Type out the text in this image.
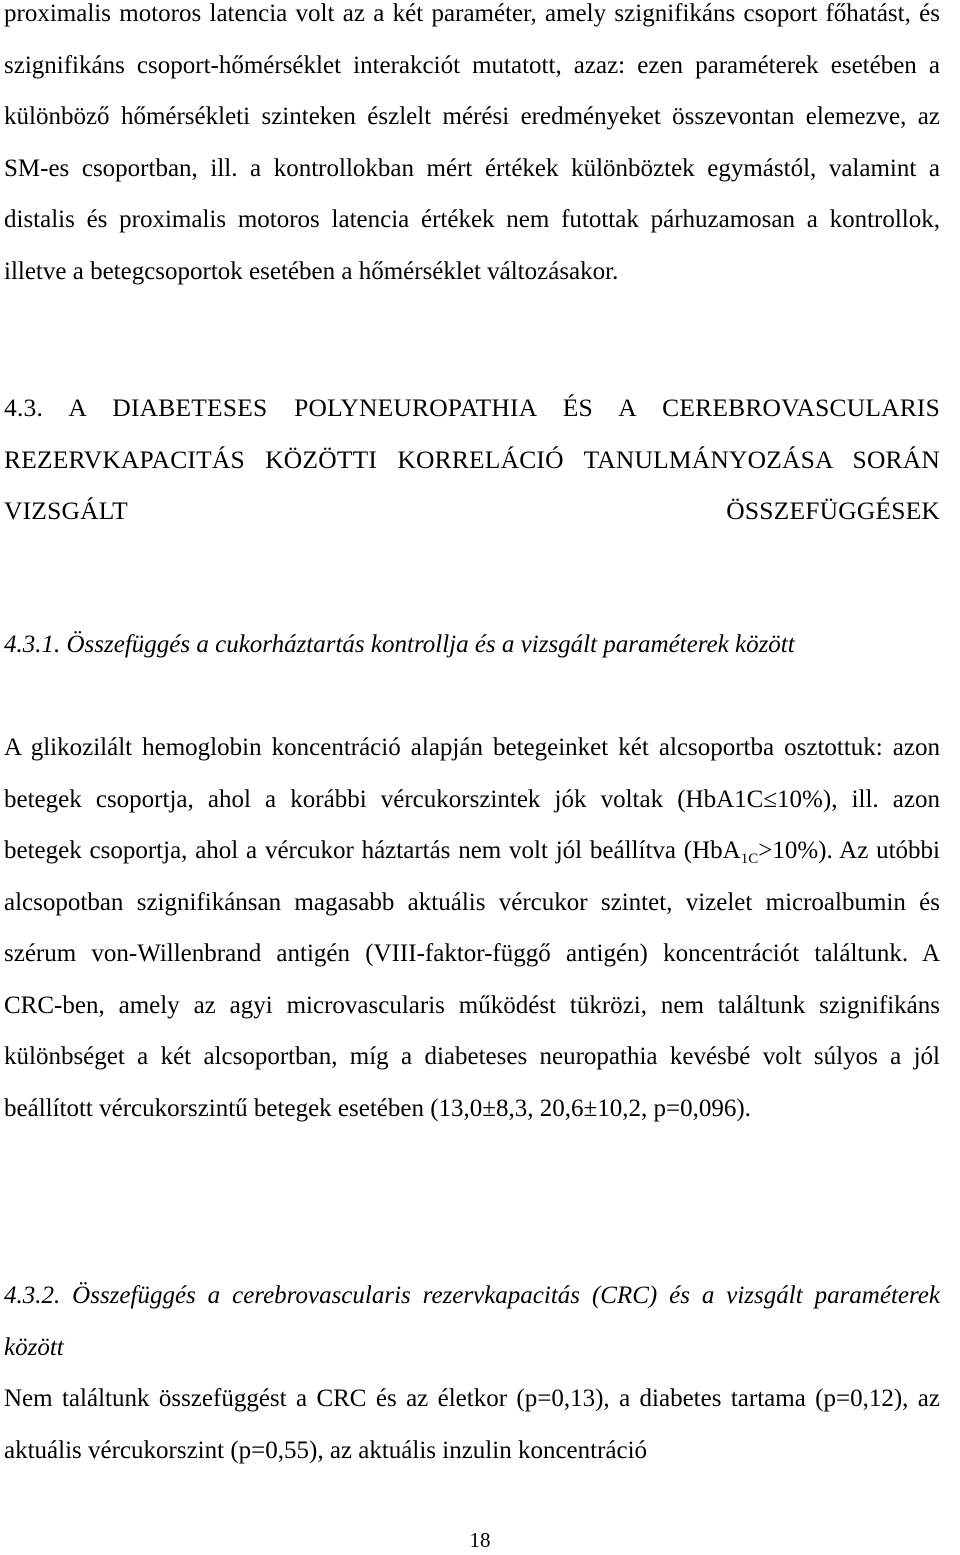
proximalis motoros latencia volt az a két paraméter, amely szignifikáns csoport főhatást, és szignifikáns csoport-hőmérséklet interakciót mutatott, azaz: ezen paraméterek esetében a különböző hőmérsékleti szinteken észlelt mérési eredményeket összevontan elemezve, az SM-es csoportban, ill. a kontrollokban mért értékek különböztek egymástól, valamint a distalis és proximalis motoros latencia értékek nem futottak párhuzamosan a kontrollok, illetve a betegcsoportok esetében a hőmérséklet változásakor.

4.3. A DIABETESES POLYNEUROPATHIA ÉS A CEREBROVASCULARIS REZERVKAPACITÁS KÖZÖTTI KORRELÁCIÓ TANULMÁNYOZÁSA SORÁN VIZSGÁLT ÖSSZEFÜGGÉSEK

4.3.1. Összefüggés a cukorháztartás kontrollja és a vizsgált paraméterek között

A glikozilált hemoglobin koncentráció alapján betegeinket két alcsoportba osztottuk: azon betegek csoportja, ahol a korábbi vércukorszintek jók voltak (HbA1C≤10%), ill. azon betegek csoportja, ahol a vércukor háztartás nem volt jól beállítva (HbA$_{1C}$>10%). Az utóbbi alcsopotban szignifikánsan magasabb aktuális vércukor szintet, vizelet microalbumin és szérum von-Willenbrand antigén (VIII-faktor-függő antigén) koncentrációt találtunk. A CRC-ben, amely az agyi microvascularis működést tükrözi, nem találtunk szignifikáns különbséget a két alcsoportban, míg a diabeteses neuropathia kevésbé volt súlyos a jól beállított vércukorszintű betegek esetében (13,0±8,3, 20,6±10,2, p=0,096).

4.3.2. Összefüggés a cerebrovascularis rezervkapacitás (CRC) és a vizsgált paraméterek között

Nem találtunk összefüggést a CRC és az életkor (p=0,13), a diabetes tartama (p=0,12), az aktuális vércukorszint (p=0,55), az aktuális inzulin koncentráció

18
